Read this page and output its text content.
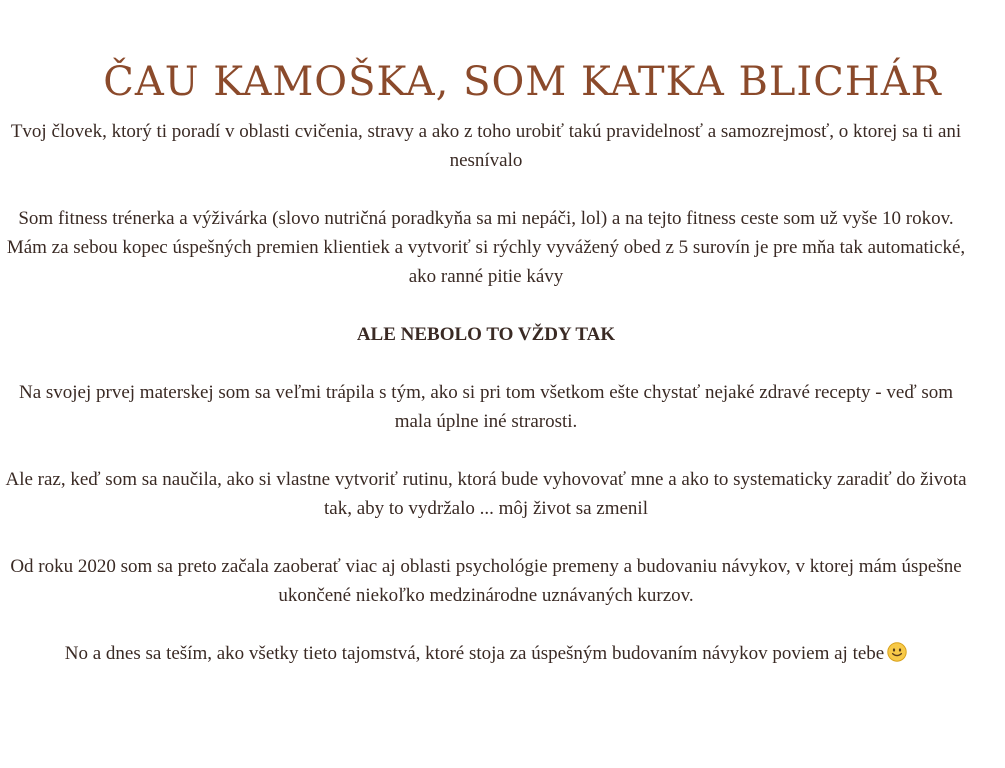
ČAU KAMOŠKA, SOM KATKA BLICHÁR

Tvoj človek, ktorý ti poradí v oblasti cvičenia, stravy a ako z toho urobiť takú pravidelnosť a samozrejmosť, o ktorej sa ti ani nesnívalo

Som fitness trénerka a výživárka (slovo nutričná poradkyňa sa mi nepáči, lol) a na tejto fitness ceste som už vyše 10 rokov. Mám za sebou kopec úspešných premien klientiek a vytvoriť si rýchly vyvážený obed z 5 surovín je pre mňa tak automatické, ako ranné pitie kávy

ALE NEBOLO TO VŽDY TAK

Na svojej prvej materskej som sa veľmi trápila s tým, ako si pri tom všetkom ešte chystať nejaké zdravé recepty - veď som mala úplne iné strarosti.

Ale raz, keď som sa naučila, ako si vlastne vytvoriť rutinu, ktorá bude vyhovovať mne a ako to systematicky zaradiť do života tak, aby to vydržalo ... môj život sa zmenil

Od roku 2020 som sa preto začala zaoberať viac aj oblasti psychológie premeny a budovaniu návykov, v ktorej mám úspešne ukončené niekoľko medzinárodne uznávaných kurzov.

No a dnes sa teším, ako všetky tieto tajomstvá, ktoré stoja za úspešným budovaním návykov poviem aj tebe
